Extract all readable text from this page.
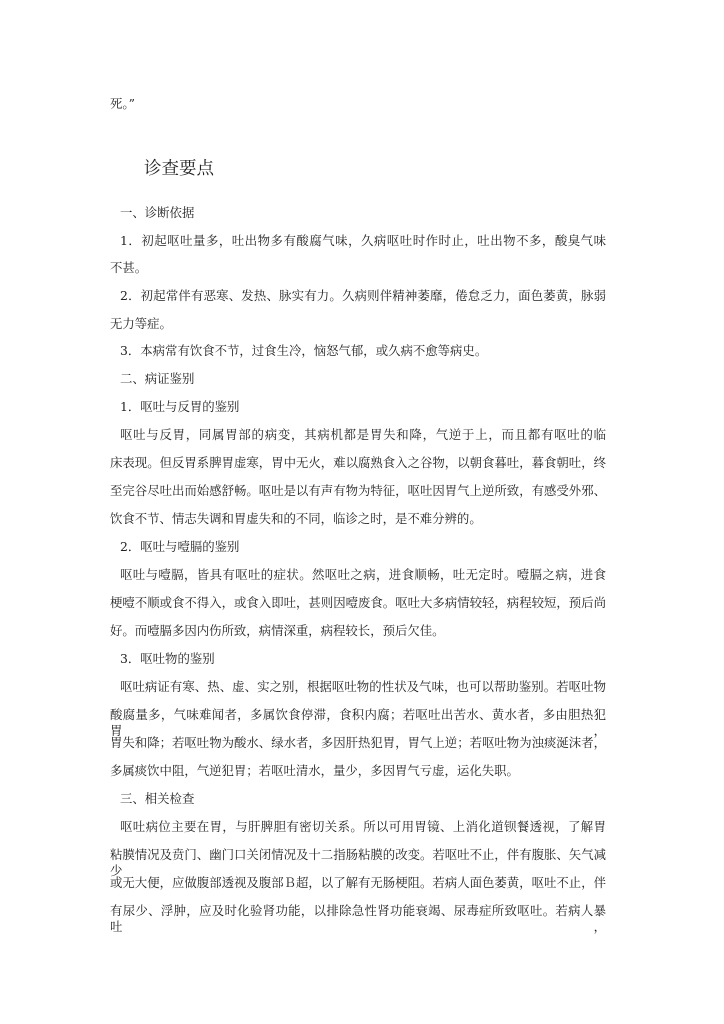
死。”

诊查要点

一、诊断依据

1．初起呕吐量多，吐出物多有酸腐气味，久病呕吐时作时止，吐出物不多，酸臭气味

不甚。

2．初起常伴有恶寒、发热、脉实有力。久病则伴精神萎靡，倦怠乏力，面色萎黄，脉弱

无力等症。

3．本病常有饮食不节，过食生冷，恼怒气郁，或久病不愈等病史。

二、病证鉴别

1．呕吐与反胃的鉴别

呕吐与反胃，同属胃部的病变，其病机都是胃失和降，气逆于上，而且都有呕吐的临

床表现。但反胃系脾胃虚寒，胃中无火，难以腐熟食入之谷物，以朝食暮吐，暮食朝吐，终

至完谷尽吐出而始感舒畅。呕吐是以有声有物为特征，呕吐因胃气上逆所致，有感受外邪、

饮食不节、情志失调和胃虚失和的不同，临诊之时，是不难分辨的。

2．呕吐与噎膈的鉴别

呕吐与噎膈，皆具有呕吐的症状。然呕吐之病，进食顺畅，吐无定时。噎膈之病，进食

梗噎不顺或食不得入，或食入即吐，甚则因噎废食。呕吐大多病情较轻，病程较短，预后尚

好。而噎膈多因内伤所致，病情深重，病程较长，预后欠佳。

3．呕吐物的鉴别

呕吐病证有寒、热、虚、实之别，根据呕吐物的性状及气味，也可以帮助鉴别。若呕吐物

酸腐量多，气味难闻者，多属饮食停滞，食积内腐；若呕吐出苦水、黄水者，多由胆热犯胃，

胃失和降；若呕吐物为酸水、绿水者，多因肝热犯胃，胃气上逆；若呕吐物为浊痰涎沫者，

多属痰饮中阻，气逆犯胃；若呕吐清水，量少，多因胃气亏虚，运化失职。

三、相关检查

呕吐病位主要在胃，与肝脾胆有密切关系。所以可用胃镜、上消化道钡餐透视，了解胃

粘膜情况及贲门、幽门口关闭情况及十二指肠粘膜的改变。若呕吐不止，伴有腹胀、矢气减少

或无大便，应做腹部透视及腹部Ｂ超，以了解有无肠梗阻。若病人面色萎黄，呕吐不止，伴

有尿少、浮肿，应及时化验肾功能，以排除急性肾功能衰竭、尿毒症所致呕吐。若病人暴吐，
